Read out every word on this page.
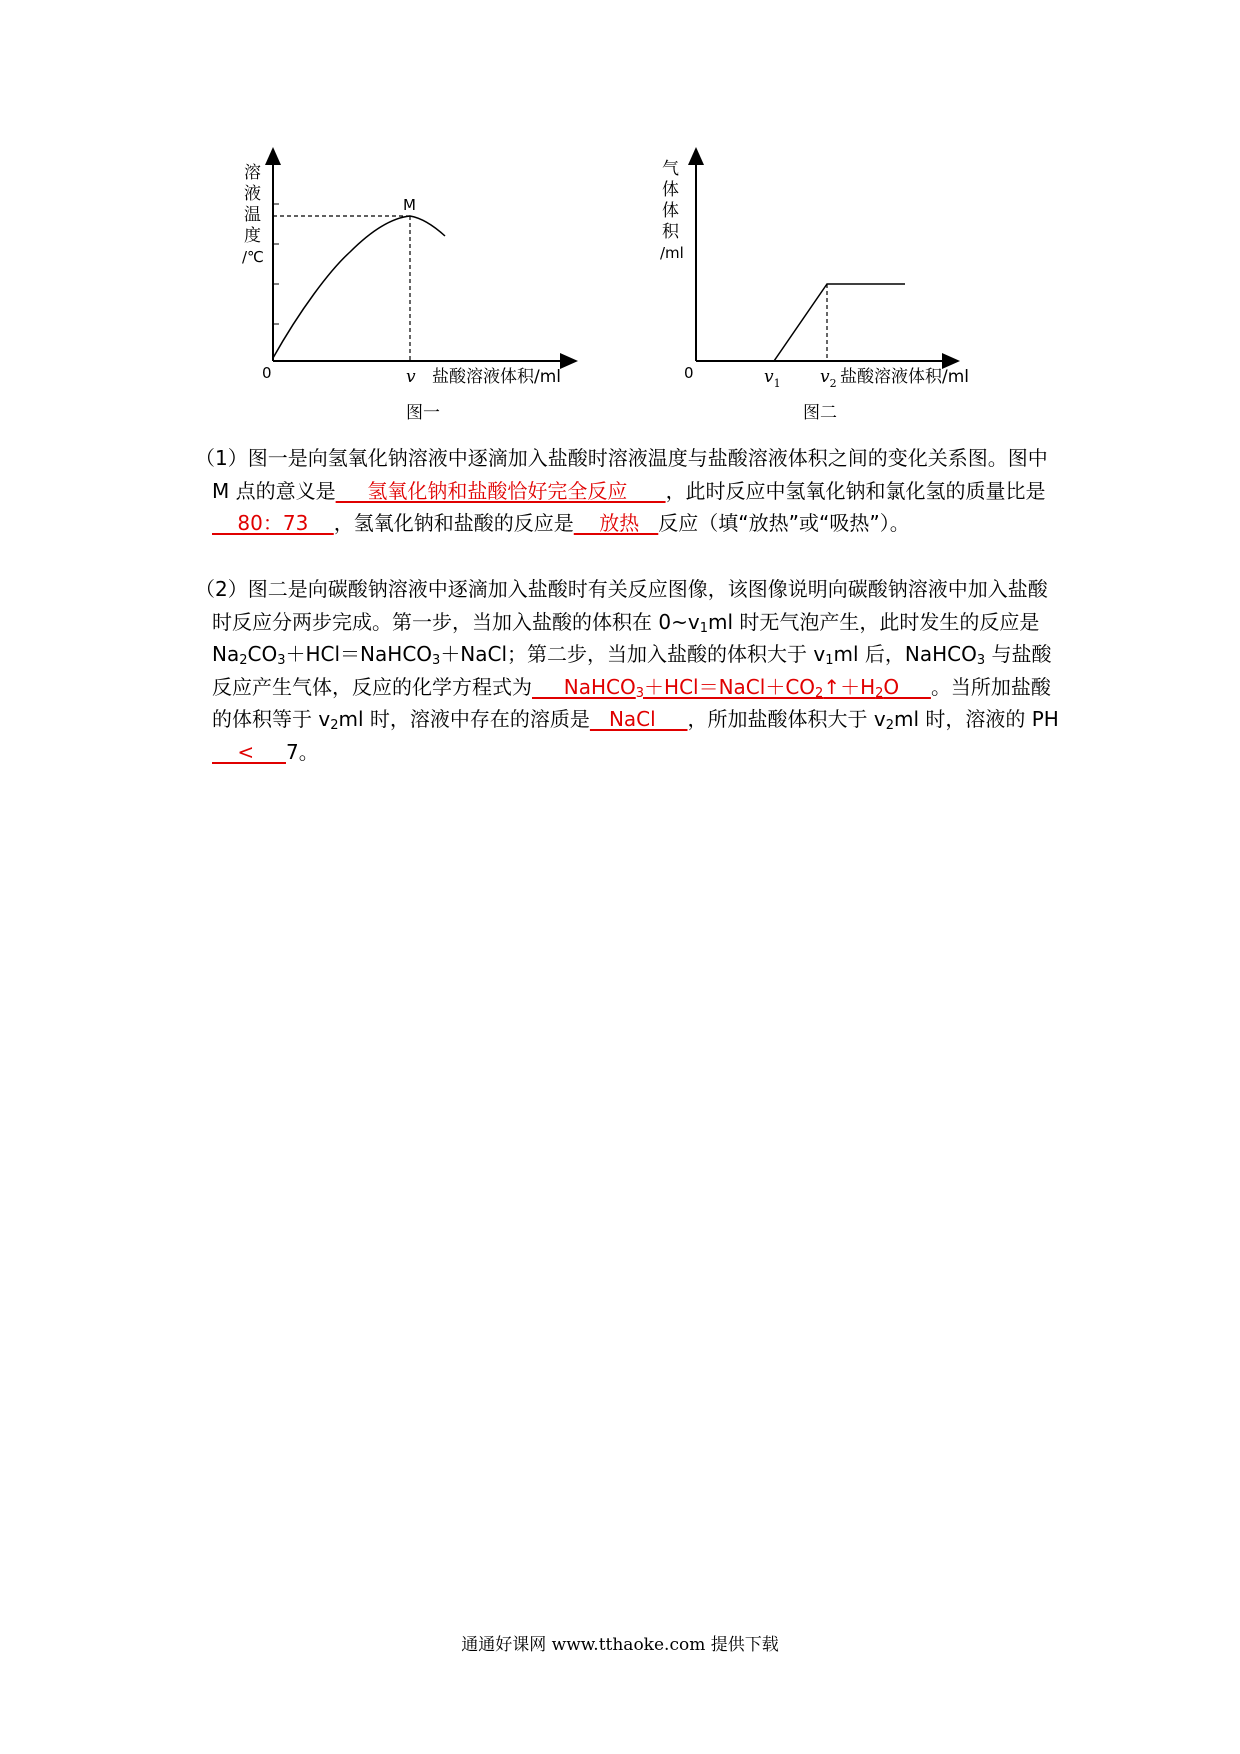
溶
液
温
度
/℃
M
0	v 盐酸溶液体积/ml
图一
气
体
体
积
/ml
0	$v_1$ $v_2$ 盐酸溶液体积/ml
图二

（1）图一是向氢氧化钠溶液中逐滴加入盐酸时溶液温度与盐酸溶液体积之间的变化关系图。图中 M 点的意义是     氢氧化钠和盐酸恰好完全反应      ，此时反应中氢氧化钠和氯化氢的质量比是    80：73    ，氢氧化钠和盐酸的反应是    放热   反应（填“放热”或“吸热”）。

（2）图二是向碳酸钠溶液中逐滴加入盐酸时有关反应图像，该图像说明向碳酸钠溶液中加入盐酸时反应分两步完成。第一步，当加入盐酸的体积在 $0\sim v_1ml$ 时无气泡产生，此时发生的反应是 $Na_2CO_3+HCl=NaHCO_3+NaCl$；第二步，当加入盐酸的体积大于 $v_1ml$ 后，NaHCO$_3$ 与盐酸反应产生气体，反应的化学方程式为     $NaHCO_3+HCl=NaCl+CO_2↑+H_2O$     。当所加盐酸的体积等于 $v_2ml$ 时，溶液中存在的溶质是   NaCl     ，所加盐酸体积大于 $v_2ml$ 时，溶液的 PH    <     7。

通通好课网 www.tthaoke.com 提供下载
